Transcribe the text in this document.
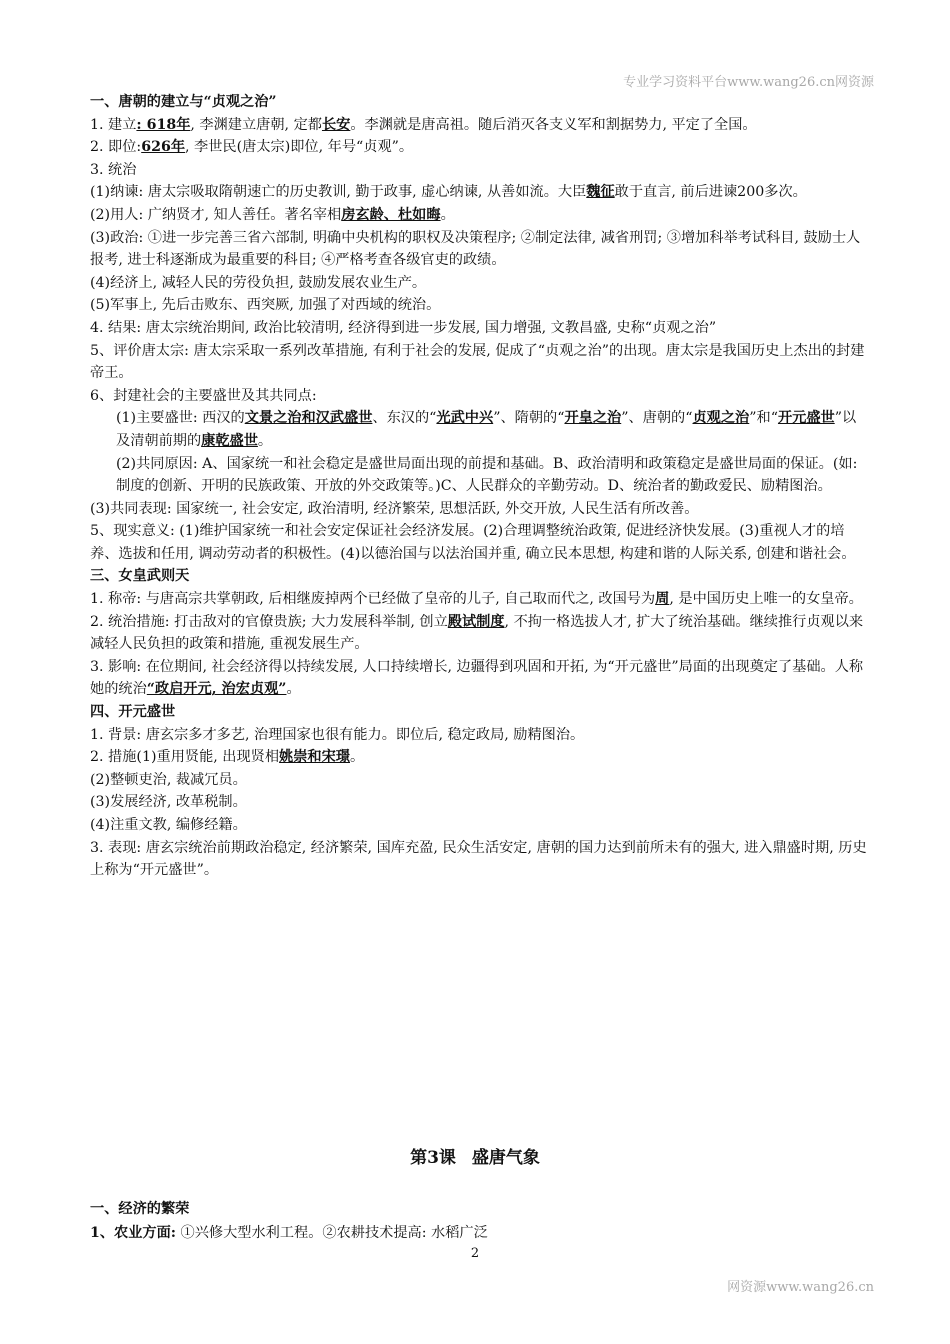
专业学习资料平台www.wang26.cn网资源

一、唐朝的建立与“贞观之治”

1. 建立: 618年, 李渊建立唐朝, 定都长安。李渊就是唐高祖。随后消灭各支义军和割据势力, 平定了全国。

2. 即位:626年, 李世民(唐太宗)即位, 年号“贞观”。

3. 统治

(1)纳谏: 唐太宗吸取隋朝速亡的历史教训, 勤于政事, 虚心纳谏, 从善如流。大臣魏征敢于直言, 前后进谏200多次。

(2)用人: 广纳贤才, 知人善任。著名宰相房玄龄、杜如晦。

(3)政治: ①进一步完善三省六部制, 明确中央机构的职权及决策程序; ②制定法律, 减省刑罚; ③增加科举考试科目, 鼓励士人报考, 进士科逐渐成为最重要的科目; ④严格考查各级官吏的政绩。

(4)经济上, 减轻人民的劳役负担, 鼓励发展农业生产。

(5)军事上, 先后击败东、西突厥, 加强了对西域的统治。

4. 结果: 唐太宗统治期间, 政治比较清明, 经济得到进一步发展, 国力增强, 文教昌盛, 史称“贞观之治”

5、评价唐太宗: 唐太宗采取一系列改革措施, 有利于社会的发展, 促成了“贞观之治”的出现。唐太宗是我国历史上杰出的封建帝王。

6、封建社会的主要盛世及其共同点:

(1)主要盛世: 西汉的文景之治和汉武盛世、东汉的“光武中兴”、隋朝的“开皇之治”、唐朝的“贞观之治”和“开元盛世”以及清朝前期的康乾盛世。

(2)共同原因: A、国家统一和社会稳定是盛世局面出现的前提和基础。B、政治清明和政策稳定是盛世局面的保证。(如: 制度的创新、开明的民族政策、开放的外交政策等。)C、人民群众的辛勤劳动。D、统治者的勤政爱民、励精图治。

(3)共同表现: 国家统一, 社会安定, 政治清明, 经济繁荣, 思想活跃, 外交开放, 人民生活有所改善。

5、现实意义: (1)维护国家统一和社会安定保证社会经济发展。(2)合理调整统治政策, 促进经济快发展。(3)重视人才的培养、选拔和任用, 调动劳动者的积极性。(4)以德治国与以法治国并重, 确立民本思想, 构建和谐的人际关系, 创建和谐社会。

三、女皇武则天

1. 称帝: 与唐高宗共掌朝政, 后相继废掉两个已经做了皇帝的儿子, 自己取而代之, 改国号为周, 是中国历史上唯一的女皇帝。

2. 统治措施: 打击敌对的官僚贵族; 大力发展科举制, 创立殿试制度, 不拘一格选拔人才, 扩大了统治基础。继续推行贞观以来减轻人民负担的政策和措施, 重视发展生产。

3. 影响: 在位期间, 社会经济得以持续发展, 人口持续增长, 边疆得到巩固和开拓, 为“开元盛世”局面的出现奠定了基础。人称她的统治“政启开元, 治宏贞观”。

四、开元盛世

1. 背景: 唐玄宗多才多艺, 治理国家也很有能力。即位后, 稳定政局, 励精图治。

2. 措施(1)重用贤能, 出现贤相姚崇和宋璟。

(2)整顿吏治, 裁减冗员。

(3)发展经济, 改革税制。

(4)注重文教, 编修经籍。

3. 表现: 唐玄宗统治前期政治稳定, 经济繁荣, 国库充盈, 民众生活安定, 唐朝的国力达到前所未有的强大, 进入鼎盛时期, 历史上称为“开元盛世”。

第3课 盛唐气象

一、经济的繁荣

1、农业方面: ①兴修大型水利工程。②农耕技术提高: 水稻广泛

2
网资源www.wang26.cn
